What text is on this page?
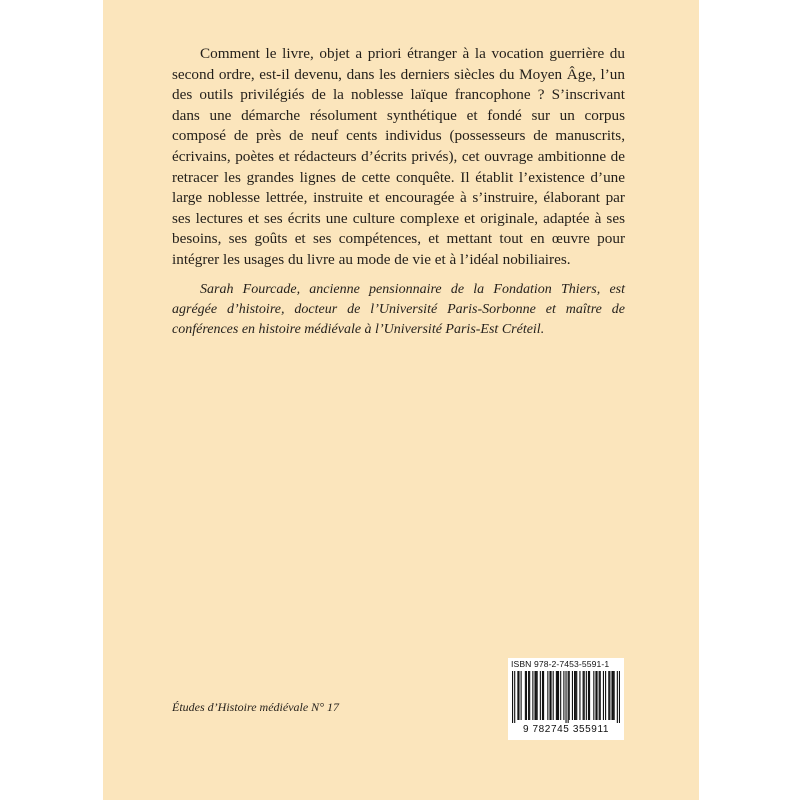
Comment le livre, objet a priori étranger à la vocation guerrière du second ordre, est-il devenu, dans les derniers siècles du Moyen Âge, l’un des outils privilégiés de la noblesse laïque francophone ? S’inscrivant dans une démarche résolument synthétique et fondé sur un corpus composé de près de neuf cents individus (possesseurs de manuscrits, écrivains, poètes et rédacteurs d’écrits privés), cet ouvrage ambitionne de retracer les grandes lignes de cette conquête. Il établit l’existence d’une large noblesse lettrée, instruite et encouragée à s’instruire, élaborant par ses lectures et ses écrits une culture complexe et originale, adaptée à ses besoins, ses goûts et ses compétences, et mettant tout en œuvre pour intégrer les usages du livre au mode de vie et à l’idéal nobiliaires.

Sarah Fourcade, ancienne pensionnaire de la Fondation Thiers, est agrégée d’histoire, docteur de l’Université Paris-Sorbonne et maître de conférences en histoire médiévale à l’Université Paris-Est Créteil.

Études d’Histoire médiévale N° 17
ISBN 978-2-7453-5591-1
9 782745 355911
